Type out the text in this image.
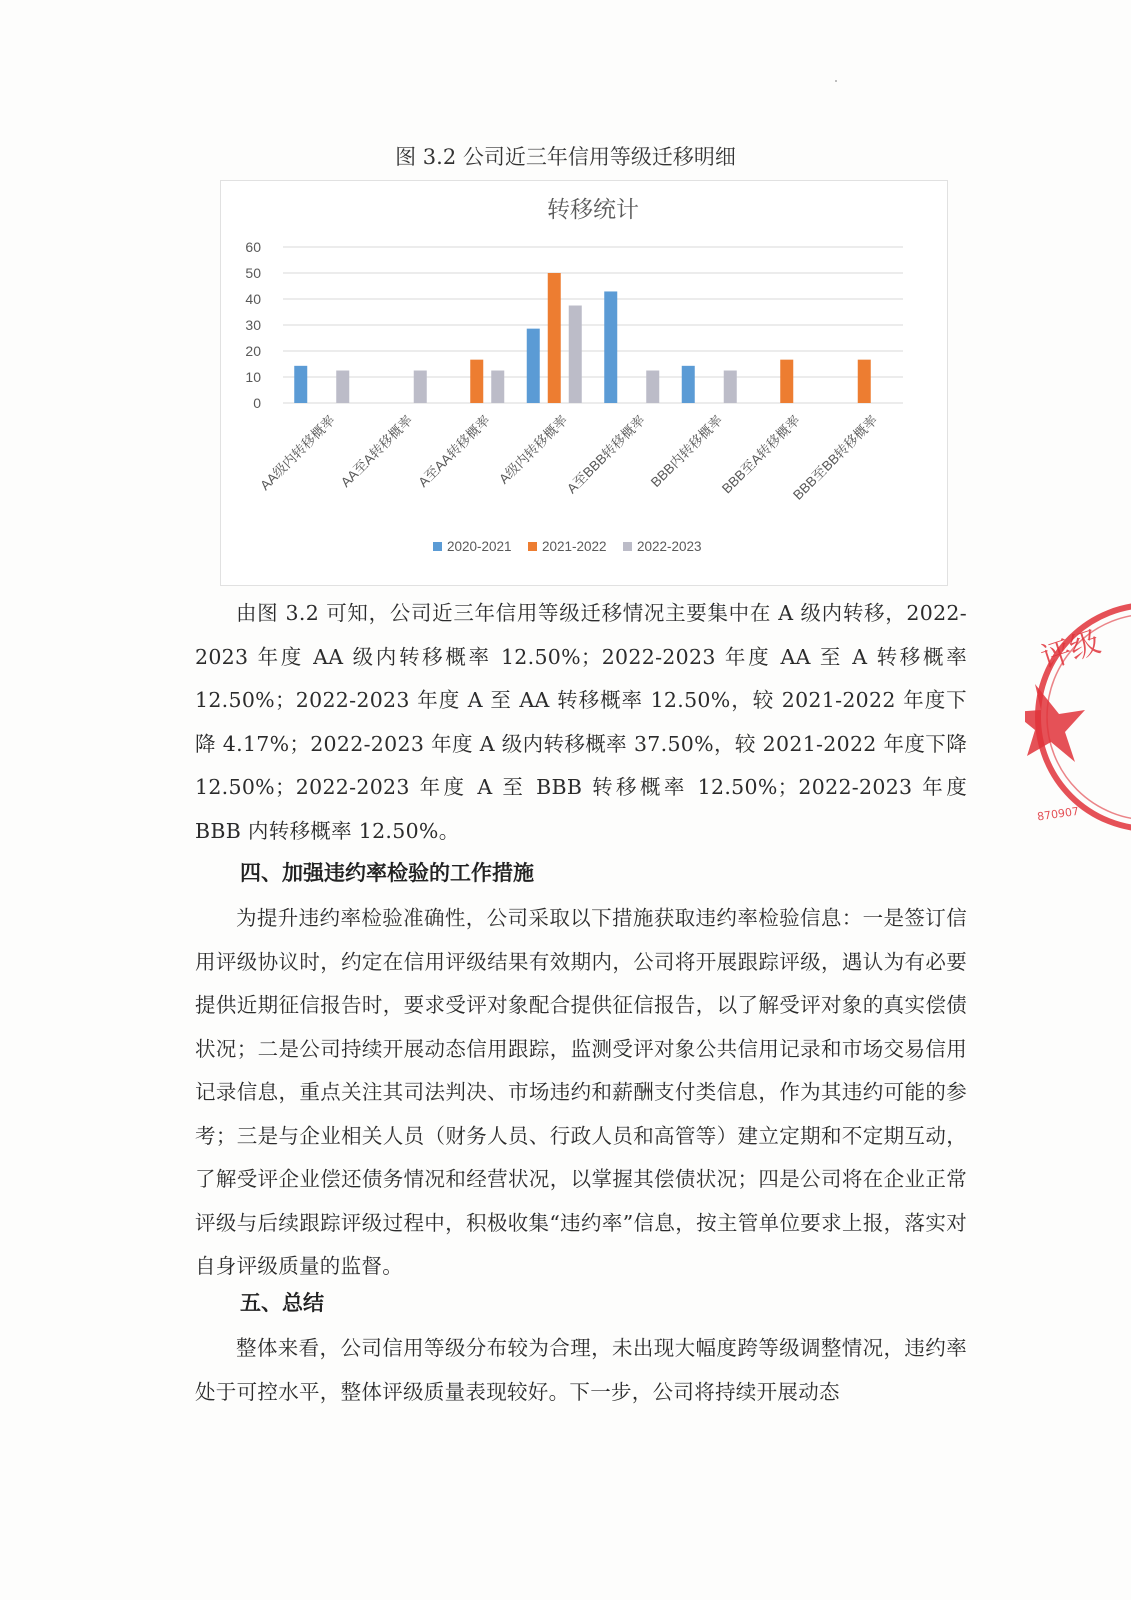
图 3.2 公司近三年信用等级迁移明细
转移统计
0
10
20
30
40
50
60
AA级内转移概率 AA至A转移概率 A至AA转移概率 A级内转移概率
A至BBB转移概率 BBB内转移概率
BBB至A转移概率
BBB至BB转移概率
2020-2021 2021-2022 2022-2023

由图 3.2 可知，公司近三年信用等级迁移情况主要集中在 A 级内转移，2022-2023 年度 AA 级内转移概率 12.50%；2022-2023 年度 AA 至 A 转移概率 12.50%；2022-2023 年度 A 至 AA 转移概率 12.50%，较 2021-2022 年度下降 4.17%；2022-2023 年度 A 级内转移概率 37.50%，较 2021-2022 年度下降 12.50%；2022-2023 年度 A 至 BBB 转移概率 12.50%；2022-2023 年度 BBB 内转移概率 12.50%。

四、加强违约率检验的工作措施

为提升违约率检验准确性，公司采取以下措施获取违约率检验信息：一是签订信用评级协议时，约定在信用评级结果有效期内，公司将开展跟踪评级，遇认为有必要提供近期征信报告时，要求受评对象配合提供征信报告，以了解受评对象的真实偿债状况；二是公司持续开展动态信用跟踪，监测受评对象公共信用记录和市场交易信用记录信息，重点关注其司法判决、市场违约和薪酬支付类信息，作为其违约可能的参考；三是与企业相关人员（财务人员、行政人员和高管等）建立定期和不定期互动，了解受评企业偿还债务情况和经营状况，以掌握其偿债状况；四是公司将在企业正常评级与后续跟踪评级过程中，积极收集“违约率”信息，按主管单位要求上报，落实对自身评级质量的监督。

五、总结

整体来看，公司信用等级分布较为合理，未出现大幅度跨等级调整情况，违约率处于可控水平，整体评级质量表现较好。下一步，公司将持续开展动态

评级
870907
